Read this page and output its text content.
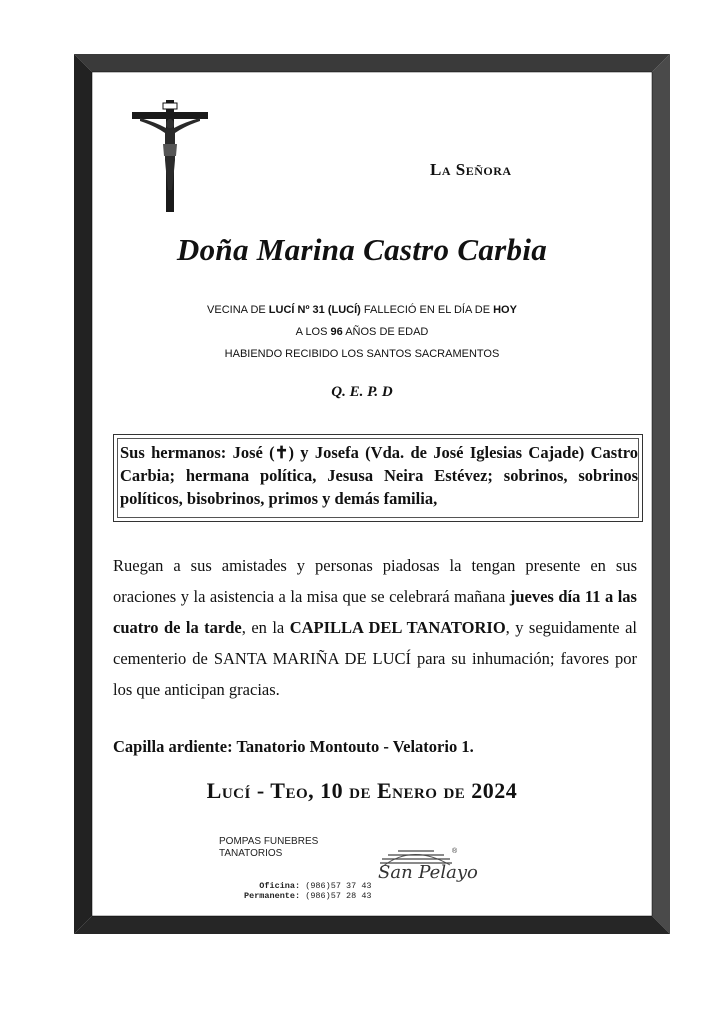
La Señora
Doña Marina Castro Carbia
VECINA DE LUCÍ Nº 31 (LUCÍ) FALLECIÓ EN EL DÍA DE HOY
A LOS 96 AÑOS DE EDAD
HABIENDO RECIBIDO LOS SANTOS SACRAMENTOS
Q. E. P. D
Sus hermanos: José (✝) y Josefa (Vda. de José Iglesias Cajade) Castro Carbia; hermana política, Jesusa Neira Estévez; sobrinos, sobrinos políticos, bisobrinos, primos y demás familia,
Ruegan a sus amistades y personas piadosas la tengan presente en sus oraciones y la asistencia a la misa que se celebrará mañana jueves día 11 a las cuatro de la tarde, en la CAPILLA DEL TANATORIO, y seguidamente al cementerio de SANTA MARIÑA DE LUCÍ para su inhumación; favores por los que anticipan gracias.
Capilla ardiente: Tanatorio Montouto - Velatorio 1.
Lucí - Teo, 10 de Enero de 2024
POMPAS FUNEBRES
TANATORIOS
Oficina: (986)57 37 43
Permanente: (986)57 28 43
San Pelayo
®
